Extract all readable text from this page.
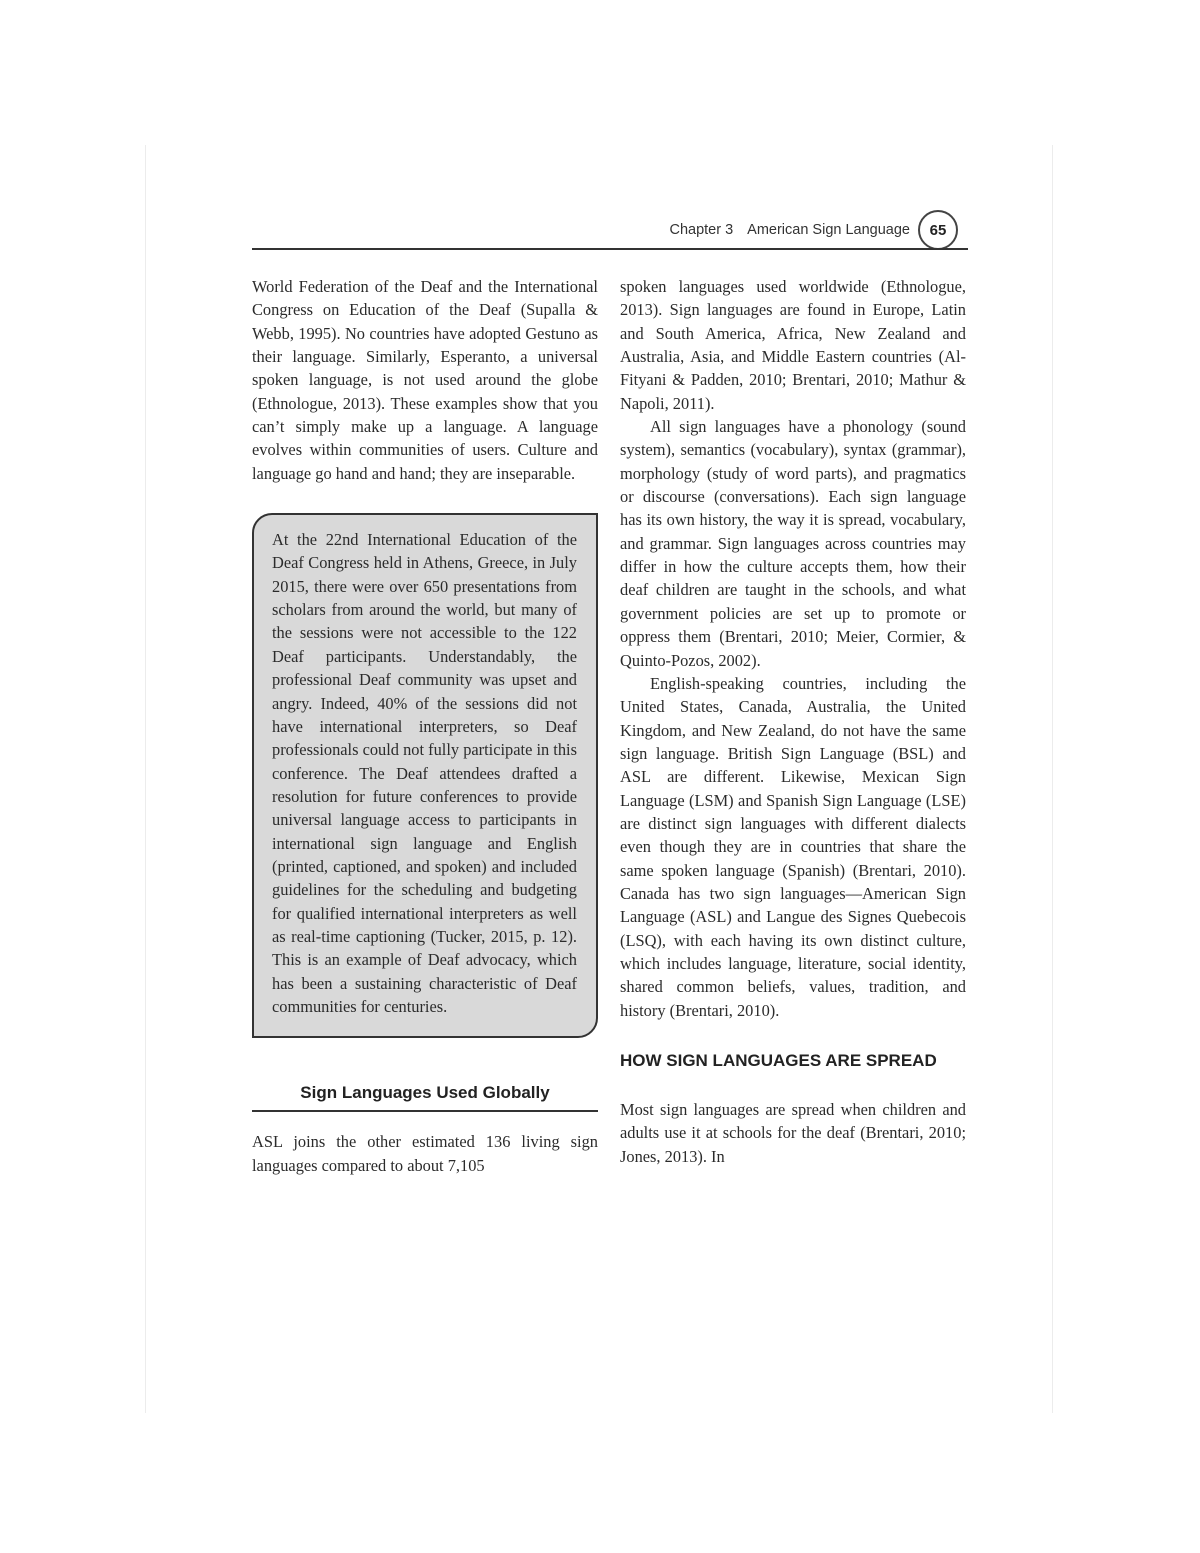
Chapter 3 American Sign Language	65

World Federation of the Deaf and the International Congress on Education of the Deaf (Supalla & Webb, 1995). No countries have adopted Gestuno as their language. Similarly, Esperanto, a universal spoken language, is not used around the globe (Ethnologue, 2013). These examples show that you can’t simply make up a language. A language evolves within communities of users. Culture and language go hand and hand; they are inseparable.

At the 22nd International Education of the Deaf Congress held in Athens, Greece, in July 2015, there were over 650 presentations from scholars from around the world, but many of the sessions were not accessible to the 122 Deaf participants. Understandably, the professional Deaf community was upset and angry. Indeed, 40% of the sessions did not have international interpreters, so Deaf professionals could not fully participate in this conference. The Deaf attendees drafted a resolution for future conferences to provide universal language access to participants in international sign language and English (printed, captioned, and spoken) and included guidelines for the scheduling and budgeting for qualified international interpreters as well as real-time captioning (Tucker, 2015, p. 12). This is an example of Deaf advocacy, which has been a sustaining characteristic of Deaf communities for centuries.

Sign Languages Used Globally

ASL joins the other estimated 136 living sign languages compared to about 7,105

spoken languages used worldwide (Ethnologue, 2013). Sign languages are found in Europe, Latin and South America, Africa, New Zealand and Australia, Asia, and Middle Eastern countries (Al-Fityani & Padden, 2010; Brentari, 2010; Mathur & Napoli, 2011).

All sign languages have a phonology (sound system), semantics (vocabulary), syntax (grammar), morphology (study of word parts), and pragmatics or discourse (conversations). Each sign language has its own history, the way it is spread, vocabulary, and grammar. Sign languages across countries may differ in how the culture accepts them, how their deaf children are taught in the schools, and what government policies are set up to promote or oppress them (Brentari, 2010; Meier, Cormier, & Quinto-Pozos, 2002).

English-speaking countries, including the United States, Canada, Australia, the United Kingdom, and New Zealand, do not have the same sign language. British Sign Language (BSL) and ASL are different. Likewise, Mexican Sign Language (LSM) and Spanish Sign Language (LSE) are distinct sign languages with different dialects even though they are in countries that share the same spoken language (Spanish) (Brentari, 2010). Canada has two sign languages—American Sign Language (ASL) and Langue des Signes Quebecois (LSQ), with each having its own distinct culture, which includes language, literature, social identity, shared common beliefs, values, tradition, and history (Brentari, 2010).

HOW SIGN LANGUAGES ARE SPREAD

Most sign languages are spread when children and adults use it at schools for the deaf (Brentari, 2010; Jones, 2013). In
